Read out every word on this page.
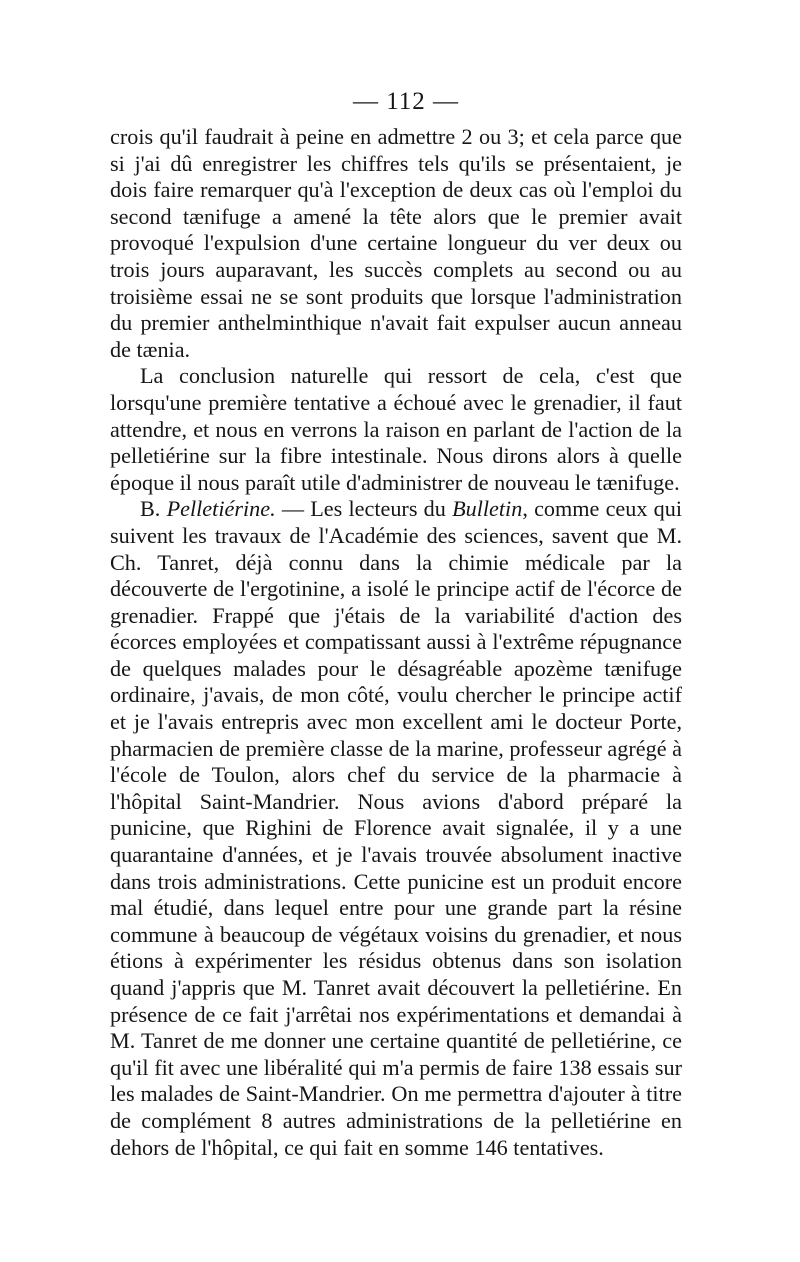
— 112 —

crois qu'il faudrait à peine en admettre 2 ou 3; et cela parce que si j'ai dû enregistrer les chiffres tels qu'ils se présentaient, je dois faire remarquer qu'à l'exception de deux cas où l'emploi du second tænifuge a amené la tête alors que le premier avait provoqué l'expulsion d'une certaine longueur du ver deux ou trois jours auparavant, les succès complets au second ou au troisième essai ne se sont produits que lorsque l'administration du premier anthelminthique n'avait fait expulser aucun anneau de tænia.

La conclusion naturelle qui ressort de cela, c'est que lorsqu'une première tentative a échoué avec le grenadier, il faut attendre, et nous en verrons la raison en parlant de l'action de la pelletiérine sur la fibre intestinale. Nous dirons alors à quelle époque il nous paraît utile d'administrer de nouveau le tænifuge.

B. Pelletiérine. — Les lecteurs du Bulletin, comme ceux qui suivent les travaux de l'Académie des sciences, savent que M. Ch. Tanret, déjà connu dans la chimie médicale par la découverte de l'ergotinine, a isolé le principe actif de l'écorce de grenadier. Frappé que j'étais de la variabilité d'action des écorces employées et compatissant aussi à l'extrême répugnance de quelques malades pour le désagréable apozème tænifuge ordinaire, j'avais, de mon côté, voulu chercher le principe actif et je l'avais entrepris avec mon excellent ami le docteur Porte, pharmacien de première classe de la marine, professeur agrégé à l'école de Toulon, alors chef du service de la pharmacie à l'hôpital Saint-Mandrier. Nous avions d'abord préparé la punicine, que Righini de Florence avait signalée, il y a une quarantaine d'années, et je l'avais trouvée absolument inactive dans trois administrations. Cette punicine est un produit encore mal étudié, dans lequel entre pour une grande part la résine commune à beaucoup de végétaux voisins du grenadier, et nous étions à expérimenter les résidus obtenus dans son isolation quand j'appris que M. Tanret avait découvert la pelletiérine. En présence de ce fait j'arrêtai nos expérimentations et demandai à M. Tanret de me donner une certaine quantité de pelletiérine, ce qu'il fit avec une libéralité qui m'a permis de faire 138 essais sur les malades de Saint-Mandrier. On me permettra d'ajouter à titre de complément 8 autres administrations de la pelletiérine en dehors de l'hôpital, ce qui fait en somme 146 tentatives.
